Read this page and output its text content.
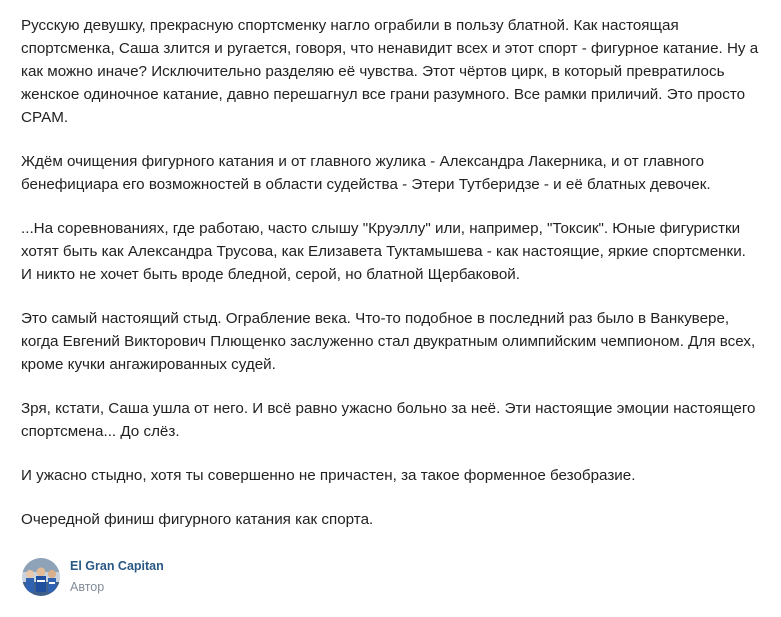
Русскую девушку, прекрасную спортсменку нагло ограбили в пользу блатной. Как настоящая спортсменка, Саша злится и ругается, говоря, что ненавидит всех и этот спорт - фигурное катание. Ну а как можно иначе? Исключительно разделяю её чувства. Этот чёртов цирк, в который превратилось женское одиночное катание, давно перешагнул все грани разумного. Все рамки приличий. Это просто СРАМ.

Ждём очищения фигурного катания и от главного жулика - Александра Лакерника, и от главного бенефициара его возможностей в области судейства - Этери Тутберидзе - и её блатных девочек.

...На соревнованиях, где работаю, часто слышу "Круэллу" или, например, "Токсик". Юные фигуристки хотят быть как Александра Трусова, как Елизавета Туктамышева - как настоящие, яркие спортсменки. И никто не хочет быть вроде бледной, серой, но блатной Щербаковой.

Это самый настоящий стыд. Ограбление века. Что-то подобное в последний раз было в Ванкувере, когда Евгений Викторович Плющенко заслуженно стал двукратным олимпийским чемпионом. Для всех, кроме кучки ангажированных судей.

Зря, кстати, Саша ушла от него. И всё равно ужасно больно за неё. Эти настоящие эмоции настоящего спортсмена... До слёз.

И ужасно стыдно, хотя ты совершенно не причастен, за такое форменное безобразие.

Очередной финиш фигурного катания как спорта.

El Gran Capitan
Автор
